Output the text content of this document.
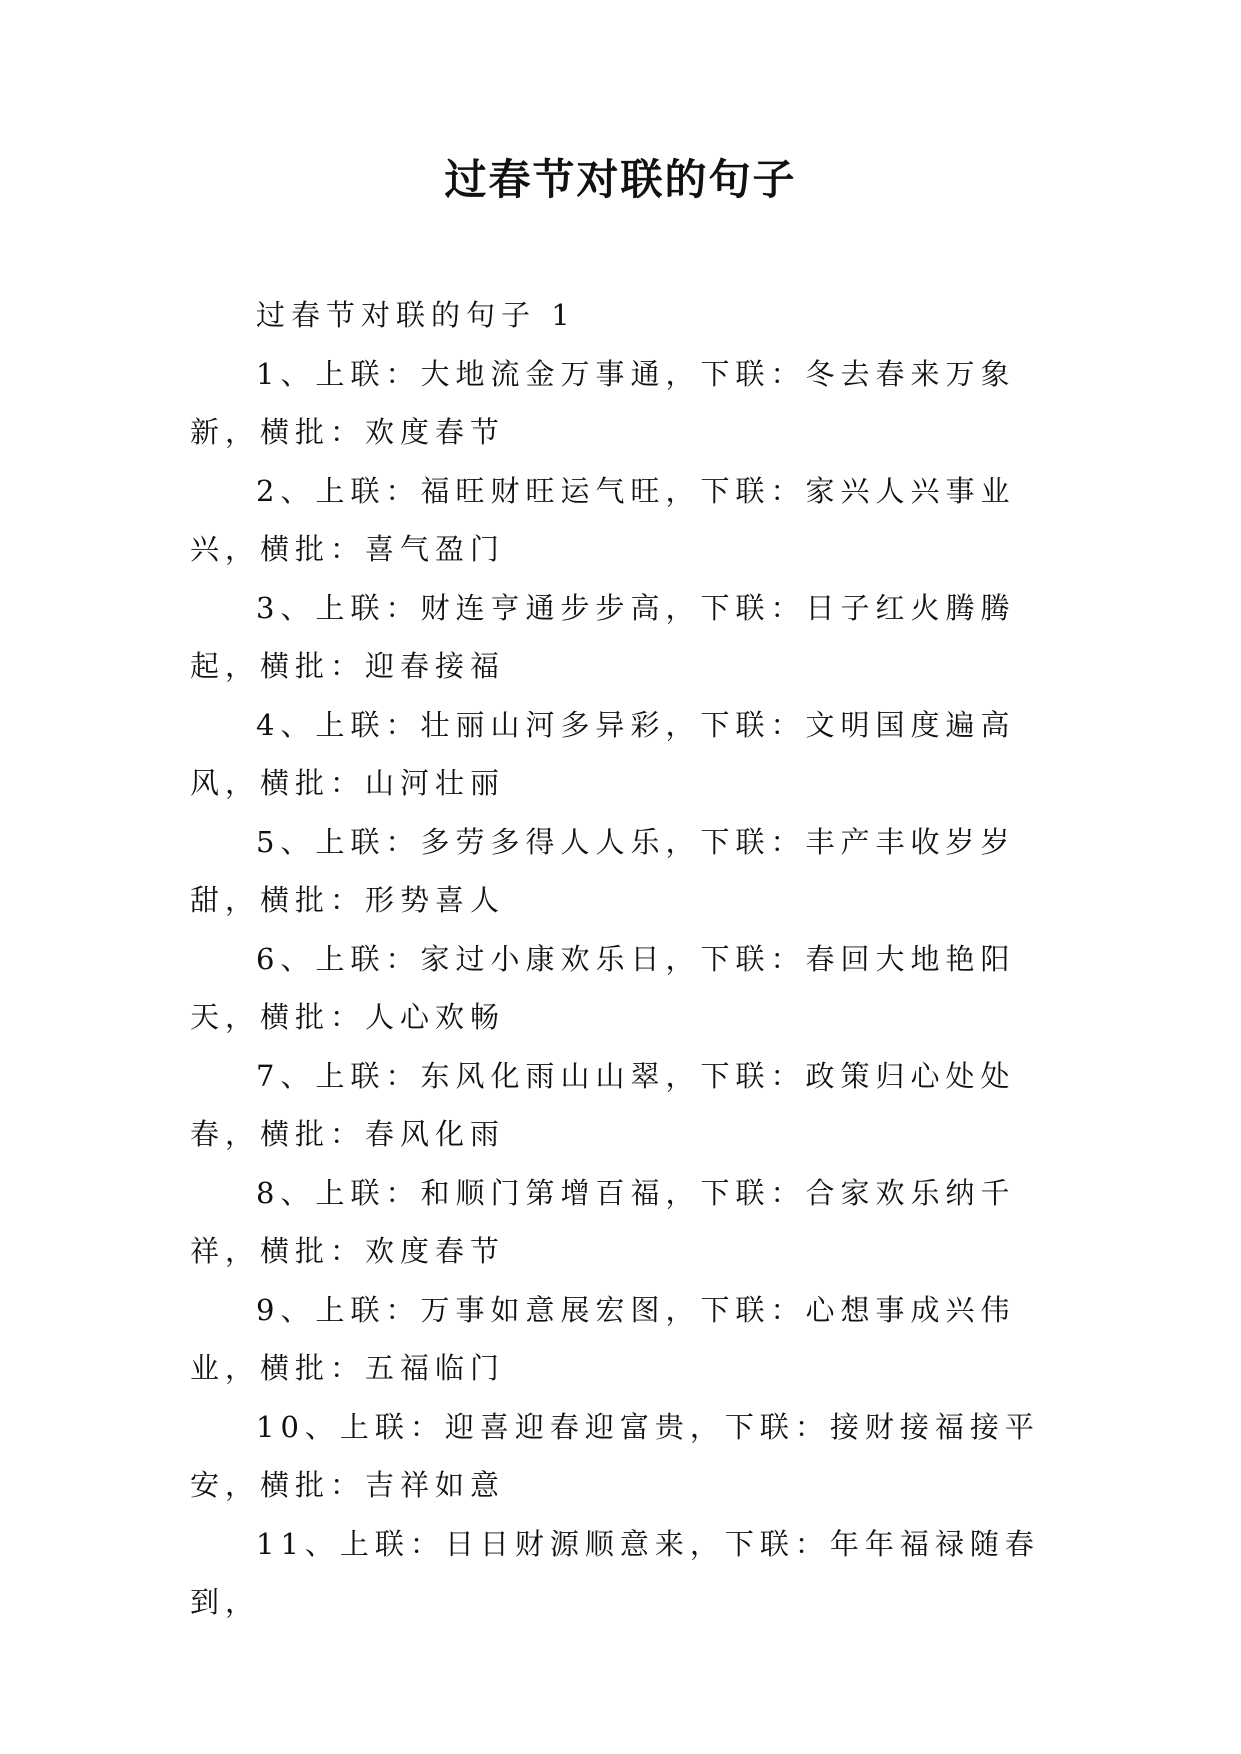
过春节对联的句子

过春节对联的句子 1

1、上联：大地流金万事通，下联：冬去春来万象新，横批：欢度春节

2、上联：福旺财旺运气旺，下联：家兴人兴事业兴，横批：喜气盈门

3、上联：财连亨通步步高，下联：日子红火腾腾起，横批：迎春接福

4、上联：壮丽山河多异彩，下联：文明国度遍高风，横批：山河壮丽

5、上联：多劳多得人人乐，下联：丰产丰收岁岁甜，横批：形势喜人

6、上联：家过小康欢乐日，下联：春回大地艳阳天，横批：人心欢畅

7、上联：东风化雨山山翠，下联：政策归心处处春，横批：春风化雨

8、上联：和顺门第增百福，下联：合家欢乐纳千祥，横批：欢度春节

9、上联：万事如意展宏图，下联：心想事成兴伟业，横批：五福临门

10、上联：迎喜迎春迎富贵，下联：接财接福接平安，横批：吉祥如意

11、上联：日日财源顺意来，下联：年年福禄随春到，
